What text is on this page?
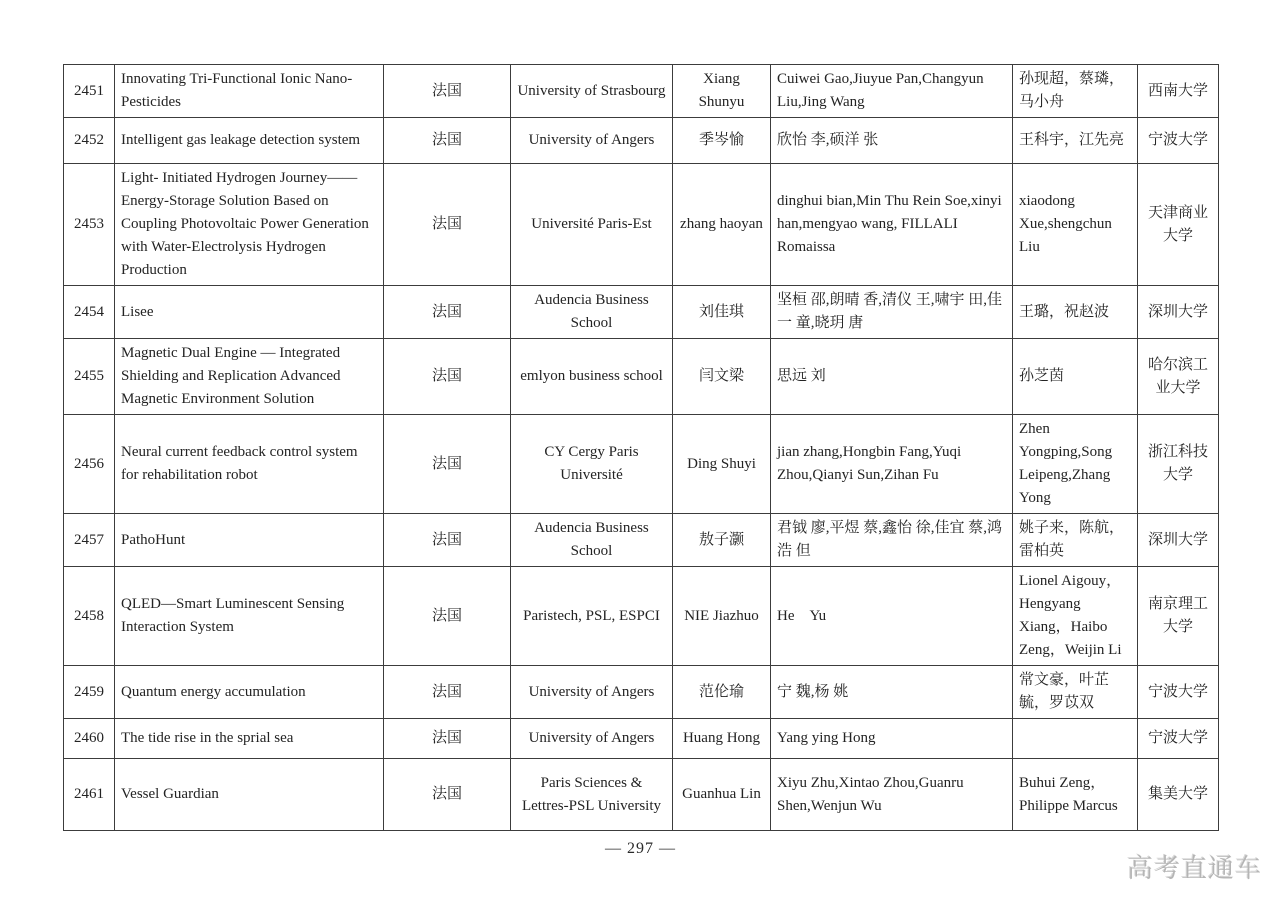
2451	Innovating Tri-Functional Ionic Nano-Pesticides	法国	University of Strasbourg	Xiang Shunyu	Cuiwei Gao,Jiuyue Pan,Changyun Liu,Jing Wang	孙现超，蔡璘，马小舟	西南大学
2452	Intelligent gas leakage detection system	法国	University of Angers	季岑愉	欣怡 李,硕洋 张	王科宇，江先亮	宁波大学
2453	Light- Initiated Hydrogen Journey——Energy-Storage Solution Based on Coupling Photovoltaic Power Generation with Water-Electrolysis Hydrogen Production	法国	Université Paris-Est	zhang haoyan	dinghui bian,Min Thu Rein Soe,xinyi han,mengyao wang, FILLALI　Romaissa	xiaodong Xue,shengchun Liu	天津商业大学
2454	Lisee	法国	Audencia Business School	刘佳琪	坚桓 邵,朗晴 香,清仪 王,啸宇 田,佳一 童,晓玥 唐	王璐，祝赵波	深圳大学
2455	Magnetic Dual Engine — Integrated Shielding and Replication Advanced Magnetic Environment Solution	法国	emlyon business school	闫文梁	思远 刘	孙芝茵	哈尔滨工业大学
2456	Neural current feedback control system for rehabilitation robot	法国	CY Cergy Paris Université	Ding Shuyi	jian zhang,Hongbin Fang,Yuqi Zhou,Qianyi Sun,Zihan Fu	Zhen Yongping,Song Leipeng,Zhang Yong	浙江科技大学
2457	PathoHunt	法国	Audencia Business School	敖子灏	君钺 廖,平煜 蔡,鑫怡 徐,佳宜 蔡,鸿浩 但	姚子来，陈航，雷柏英	深圳大学
2458	QLED—Smart Luminescent Sensing Interaction System	法国	Paristech, PSL, ESPCI	NIE Jiazhuo	He　Yu	Lionel Aigouy，Hengyang Xiang，Haibo Zeng，Weijin Li	南京理工大学
2459	Quantum energy accumulation	法国	University of Angers	范伦瑜	宁 魏,杨 姚	常文豪，叶芷毓，罗苡双	宁波大学
2460	The tide rise in the sprial sea	法国	University of Angers	Huang Hong	Yang ying Hong		宁波大学
2461	Vessel Guardian	法国	Paris Sciences & Lettres-PSL University	Guanhua Lin	Xiyu Zhu,Xintao Zhou,Guanru Shen,Wenjun Wu	Buhui Zeng，Philippe Marcus	集美大学
— 297 —
高考直通车
